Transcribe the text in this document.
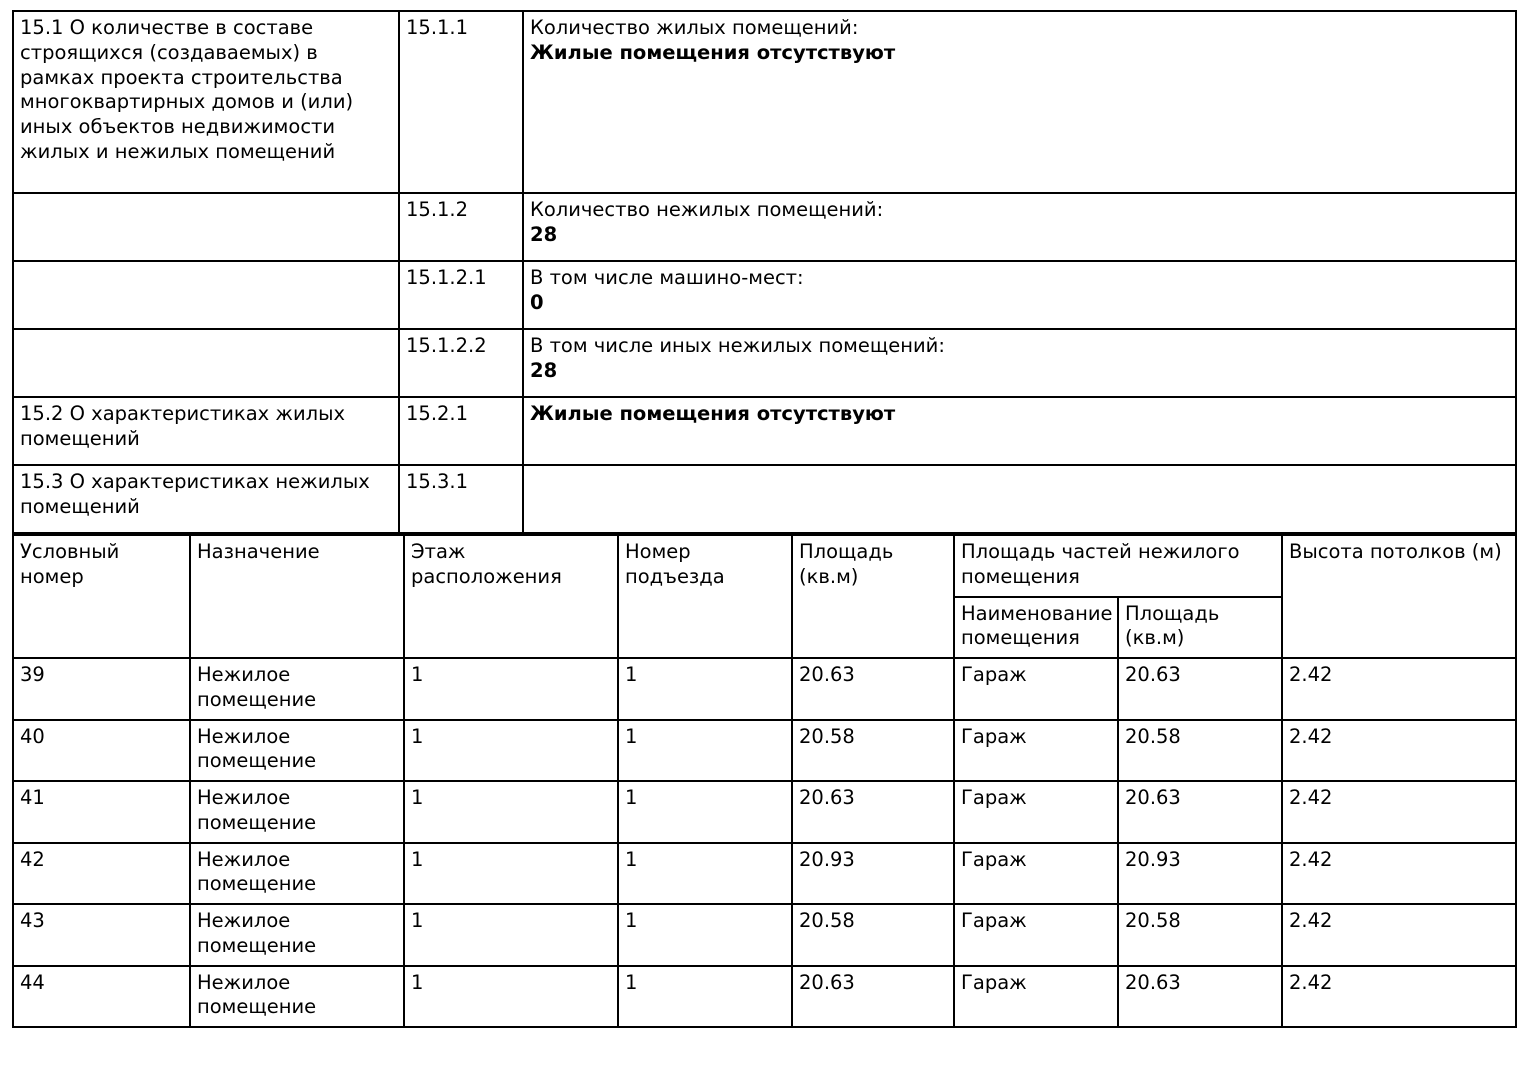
15.1 О количестве в составе строящихся (создаваемых) в рамках проекта строительства многоквартирных домов и (или) иных объектов недвижимости жилых и нежилых помещений	15.1.1	Количество жилых помещений:
Жилые помещения отсутствуют

	15.1.2	Количество нежилых помещений:
28

	15.1.2.1	В том числе машино-мест:
0

	15.1.2.2	В том числе иных нежилых помещений:
28

15.2 О характеристиках жилых помещений	15.2.1	Жилые помещения отсутствуют

15.3 О характеристиках нежилых помещений	15.3.1	
Условный номер	Назначение	Этаж расположения	Номер подъезда	Площадь (кв.м)	Площадь частей нежилого помещения		Высота потолков (м)
					Наименование помещения	Площадь (кв.м)	
39	Нежилое помещение	1	1	20.63	Гараж	20.63	2.42
40	Нежилое помещение	1	1	20.58	Гараж	20.58	2.42
41	Нежилое помещение	1	1	20.63	Гараж	20.63	2.42
42	Нежилое помещение	1	1	20.93	Гараж	20.93	2.42
43	Нежилое помещение	1	1	20.58	Гараж	20.58	2.42
44	Нежилое помещение	1	1	20.63	Гараж	20.63	2.42
